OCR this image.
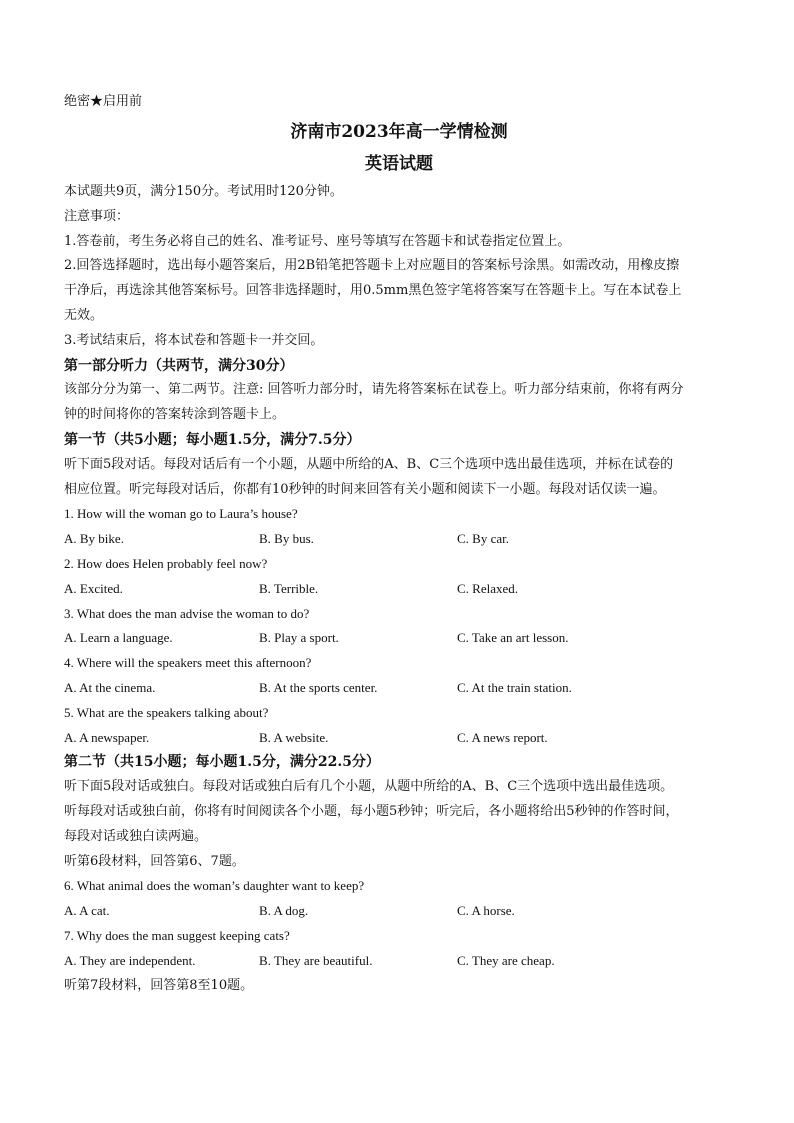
绝密★启用前
济南市2023年高一学情检测
英语试题
本试题共9页，满分150分。考试用时120分钟。
注意事项：
1.答卷前，考生务必将自己的姓名、准考证号、座号等填写在答题卡和试卷指定位置上。
2.回答选择题时，选出每小题答案后，用2B铅笔把答题卡上对应题目的答案标号涂黑。如需改动，用橡皮擦
干净后，再选涂其他答案标号。回答非选择题时，用0.5mm黑色签字笔将答案写在答题卡上。写在本试卷上
无效。
3.考试结束后，将本试卷和答题卡一并交回。
第一部分听力（共两节，满分30分）
该部分分为第一、第二两节。注意: 回答听力部分时，请先将答案标在试卷上。听力部分结束前，你将有两分
钟的时间将你的答案转涂到答题卡上。
第一节（共5小题；每小题1.5分，满分7.5分）
听下面5段对话。每段对话后有一个小题，从题中所给的A、B、C三个选项中选出最佳选项，并标在试卷的
相应位置。听完每段对话后，你都有10秒钟的时间来回答有关小题和阅读下一小题。每段对话仅读一遍。
1. How will the woman go to Laura’s house?
A. By bike.	B. By bus.	C. By car.
2. How does Helen probably feel now?
A. Excited.	B. Terrible.	C. Relaxed.
3. What does the man advise the woman to do?
A. Learn a language.	B. Play a sport.	C. Take an art lesson.
4. Where will the speakers meet this afternoon?
A. At the cinema.	B. At the sports center.	C. At the train station.
5. What are the speakers talking about?
A. A newspaper.	B. A website.	C. A news report.
第二节（共15小题；每小题1.5分，满分22.5分）
听下面5段对话或独白。每段对话或独白后有几个小题，从题中所给的A、B、C三个选项中选出最佳选项。
听每段对话或独白前，你将有时间阅读各个小题，每小题5秒钟；听完后，各小题将给出5秒钟的作答时间，
每段对话或独白读两遍。
听第6段材料，回答第6、7题。
6. What animal does the woman’s daughter want to keep?
A. A cat.	B. A dog.	C. A horse.
7. Why does the man suggest keeping cats?
A. They are independent.	B. They are beautiful.	C. They are cheap.
听第7段材料，回答第8至10题。
